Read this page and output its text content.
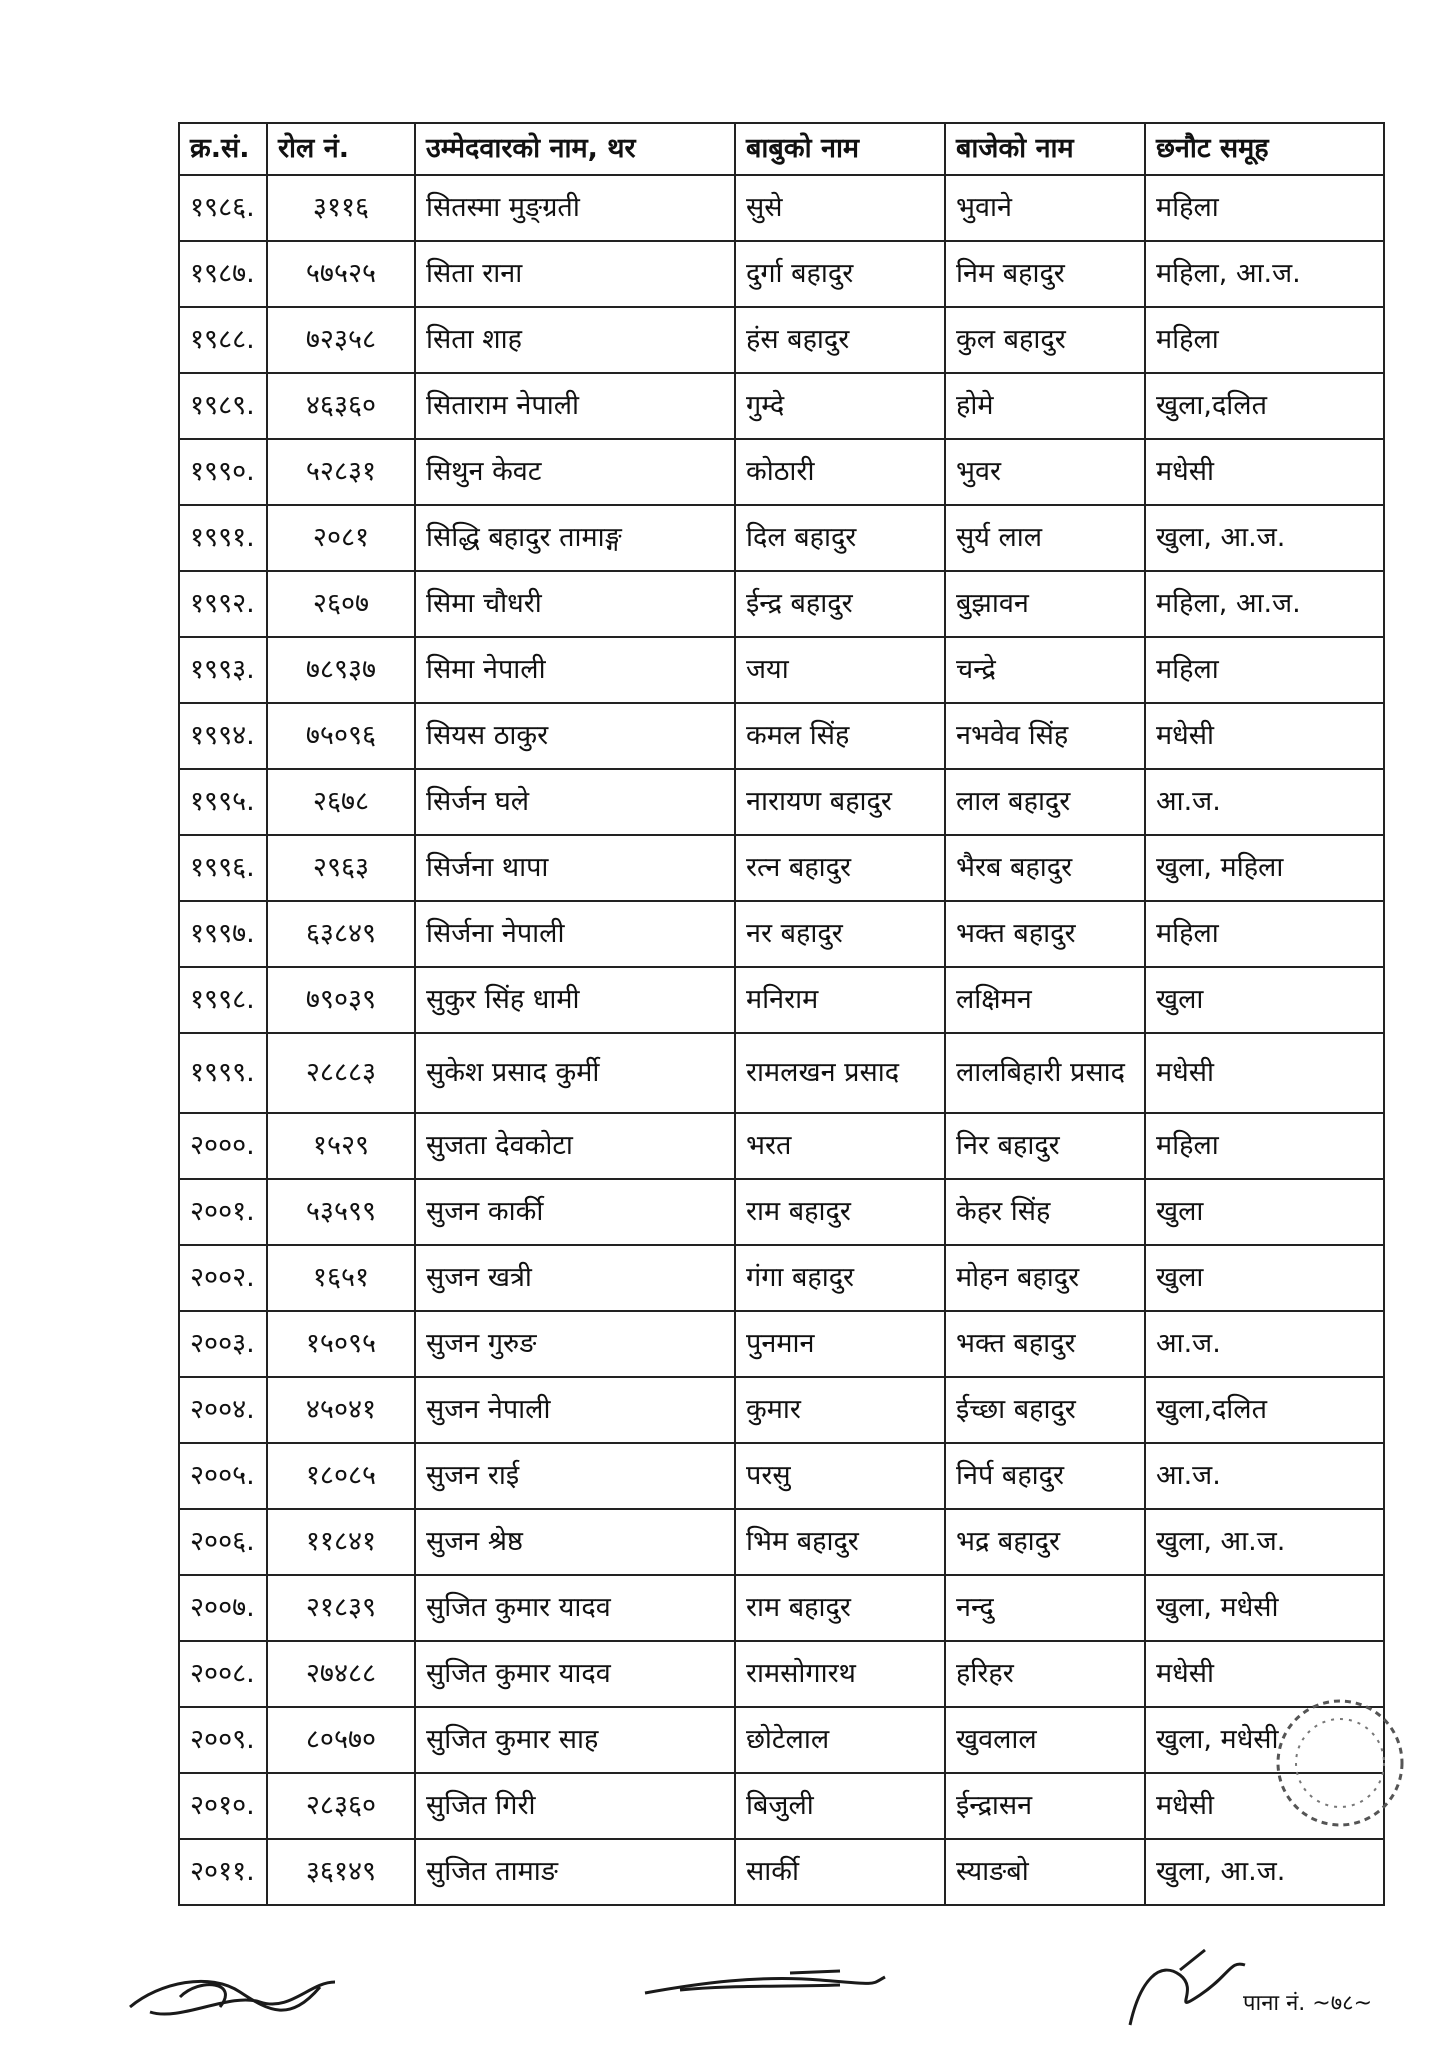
क्र.सं.	रोल नं.	उम्मेदवारको नाम, थर	बाबुको नाम	बाजेको नाम	छनौट समूह
१९८६.	३११६	सितस्मा मुङ्ग्रती	सुसे	भुवाने	महिला
१९८७.	५७५२५	सिता राना	दुर्गा बहादुर	निम बहादुर	महिला, आ.ज.
१९८८.	७२३५८	सिता शाह	हंस बहादुर	कुल बहादुर	महिला
१९८९.	४६३६०	सिताराम नेपाली	गुम्दे	होमे	खुला,दलित
१९९०.	५२८३१	सिथुन केवट	कोठारी	भुवर	मधेसी
१९९१.	२०८१	सिद्धि बहादुर तामाङ्ग	दिल बहादुर	सुर्य लाल	खुला, आ.ज.
१९९२.	२६०७	सिमा चौधरी	ईन्द्र बहादुर	बुझावन	महिला, आ.ज.
१९९३.	७८९३७	सिमा नेपाली	जया	चन्द्रे	महिला
१९९४.	७५०९६	सियस ठाकुर	कमल सिंह	नभवेव सिंह	मधेसी
१९९५.	२६७८	सिर्जन घले	नारायण बहादुर	लाल बहादुर	आ.ज.
१९९६.	२९६३	सिर्जना थापा	रत्न बहादुर	भैरब बहादुर	खुला, महिला
१९९७.	६३८४९	सिर्जना नेपाली	नर बहादुर	भक्त बहादुर	महिला
१९९८.	७९०३९	सुकुर सिंह धामी	मनिराम	लक्षिमन	खुला
१९९९.	२८८८३	सुकेश प्रसाद कुर्मी	रामलखन प्रसाद	लालबिहारी प्रसाद	मधेसी
२०००.	१५२९	सुजता देवकोटा	भरत	निर बहादुर	महिला
२००१.	५३५९९	सुजन कार्की	राम बहादुर	केहर सिंह	खुला
२००२.	१६५१	सुजन खत्री	गंगा बहादुर	मोहन बहादुर	खुला
२००३.	१५०९५	सुजन गुरुङ	पुनमान	भक्त बहादुर	आ.ज.
२००४.	४५०४१	सुजन नेपाली	कुमार	ईच्छा बहादुर	खुला,दलित
२००५.	१८०८५	सुजन राई	परसु	निर्प बहादुर	आ.ज.
२००६.	११८४१	सुजन श्रेष्ठ	भिम बहादुर	भद्र बहादुर	खुला, आ.ज.
२००७.	२१८३९	सुजित कुमार यादव	राम बहादुर	नन्दु	खुला, मधेसी
२००८.	२७४८८	सुजित कुमार यादव	रामसोगारथ	हरिहर	मधेसी
२००९.	८०५७०	सुजित कुमार साह	छोटेलाल	खुवलाल	खुला, मधेसी
२०१०.	२८३६०	सुजित गिरी	बिजुली	ईन्द्रासन	मधेसी
२०११.	३६१४९	सुजित तामाङ	सार्की	स्याङबो	खुला, आ.ज.
पाना नं. ~७८~
